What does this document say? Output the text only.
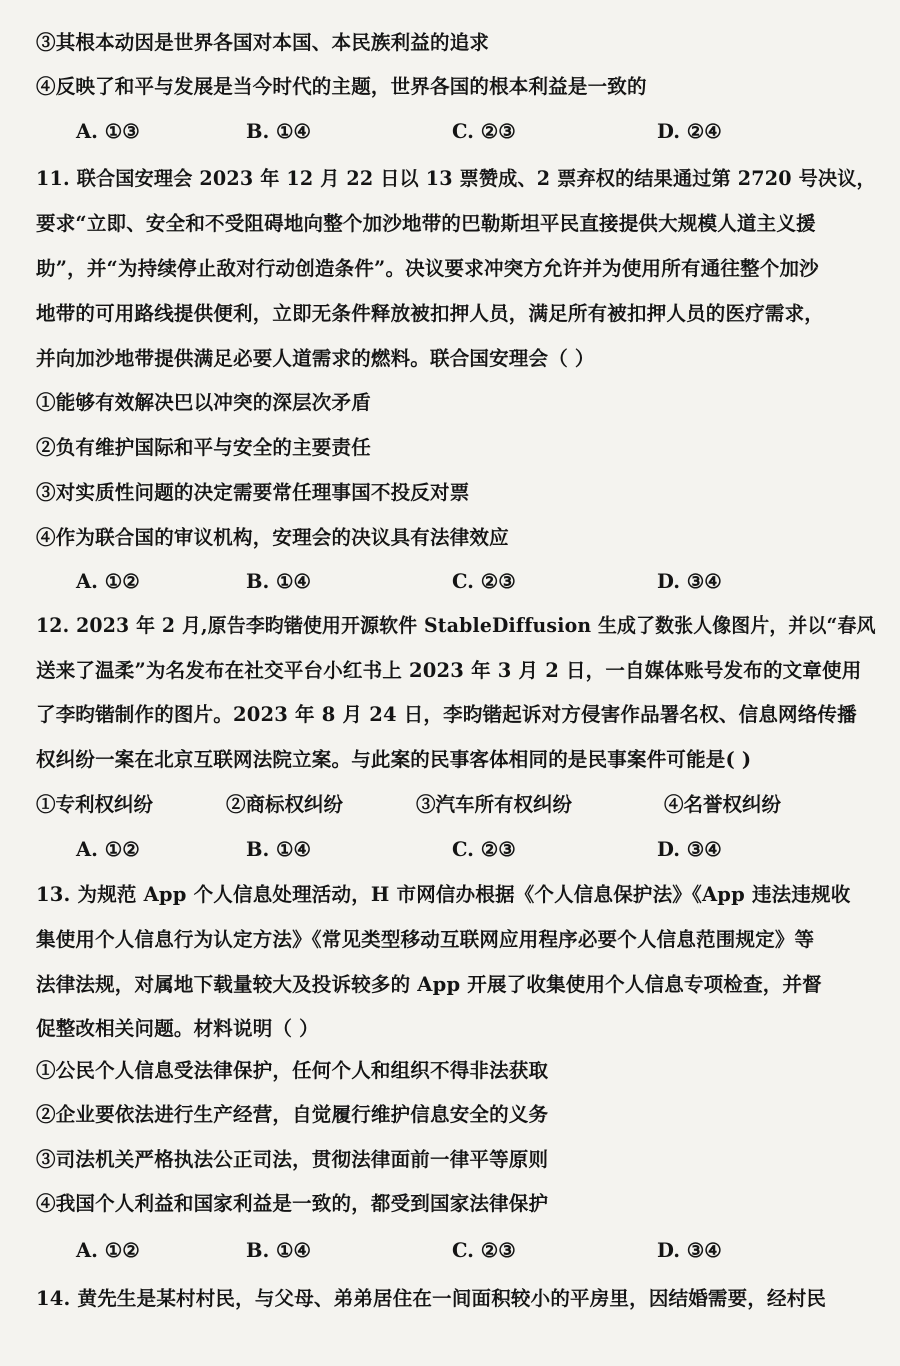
③其根本动因是世界各国对本国、本民族利益的追求
④反映了和平与发展是当今时代的主题，世界各国的根本利益是一致的
A. ①③	B. ①④	C. ②③	D. ②④
11. 联合国安理会 2023 年 12 月 22 日以 13 票赞成、2 票弃权的结果通过第 2720 号决议，
要求“立即、安全和不受阻碍地向整个加沙地带的巴勒斯坦平民直接提供大规模人道主义援
助”，并“为持续停止敌对行动创造条件”。决议要求冲突方允许并为使用所有通往整个加沙
地带的可用路线提供便利，立即无条件释放被扣押人员，满足所有被扣押人员的医疗需求，
并向加沙地带提供满足必要人道需求的燃料。联合国安理会（ ）
①能够有效解决巴以冲突的深层次矛盾
②负有维护国际和平与安全的主要责任
③对实质性问题的决定需要常任理事国不投反对票
④作为联合国的审议机构，安理会的决议具有法律效应
A. ①②	B. ①④	C. ②③	D. ③④
12. 2023 年 2 月,原告李昀锴使用开源软件 StableDiffusion 生成了数张人像图片，并以“春风
送来了温柔”为名发布在社交平台小红书上 2023 年 3 月 2 日，一自媒体账号发布的文章使用
了李昀锴制作的图片。2023 年 8 月 24 日，李昀锴起诉对方侵害作品署名权、信息网络传播
权纠纷一案在北京互联网法院立案。与此案的民事客体相同的是民事案件可能是( )
①专利权纠纷	②商标权纠纷	③汽车所有权纠纷	④名誉权纠纷
A. ①②	B. ①④	C. ②③	D. ③④
13. 为规范 App 个人信息处理活动，H 市网信办根据《个人信息保护法》《App 违法违规收
集使用个人信息行为认定方法》《常见类型移动互联网应用程序必要个人信息范围规定》等
法律法规，对属地下载量较大及投诉较多的 App 开展了收集使用个人信息专项检查，并督
促整改相关问题。材料说明（ ）
①公民个人信息受法律保护，任何个人和组织不得非法获取
②企业要依法进行生产经营，自觉履行维护信息安全的义务
③司法机关严格执法公正司法，贯彻法律面前一律平等原则
④我国个人利益和国家利益是一致的，都受到国家法律保护
A. ①②	B. ①④	C. ②③	D. ③④
14. 黄先生是某村村民，与父母、弟弟居住在一间面积较小的平房里，因结婚需要，经村民
